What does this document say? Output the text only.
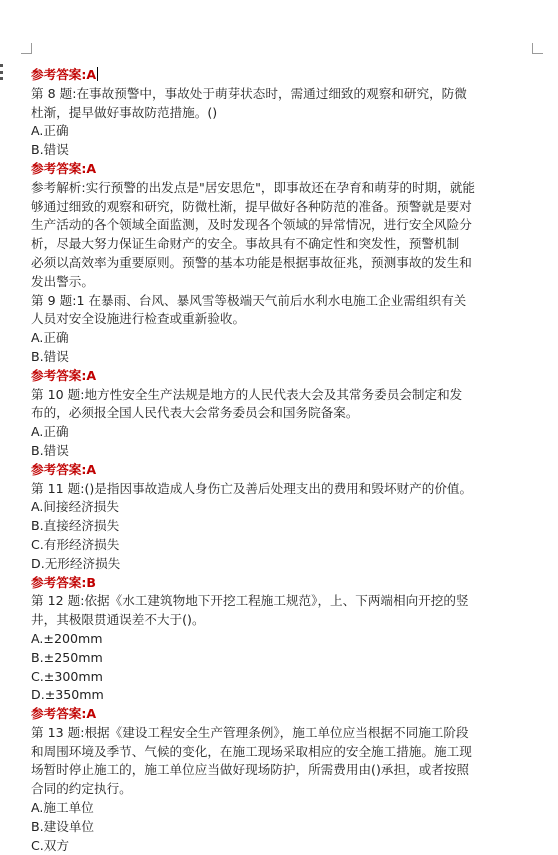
参考答案:A
第 8 题:在事故预警中，事故处于萌芽状态时，需通过细致的观察和研究，防微
杜渐，提早做好事故防范措施。()
A.正确
B.错误
参考答案:A
参考解析:实行预警的出发点是"居安思危"，即事故还在孕育和萌芽的时期，就能
够通过细致的观察和研究，防微杜渐，提早做好各种防范的准备。预警就是要对
生产活动的各个领域全面监测，及时发现各个领域的异常情况，进行安全风险分
析，尽最大努力保证生命财产的安全。事故具有不确定性和突发性，预警机制
必须以高效率为重要原则。预警的基本功能是根据事故征兆，预测事故的发生和
发出警示。
第 9 题:1 在暴雨、台风、暴风雪等极端天气前后水利水电施工企业需组织有关
人员对安全设施进行检查或重新验收。
A.正确
B.错误
参考答案:A
第 10 题:地方性安全生产法规是地方的人民代表大会及其常务委员会制定和发
布的，必须报全国人民代表大会常务委员会和国务院备案。
A.正确
B.错误
参考答案:A
第 11 题:()是指因事故造成人身伤亡及善后处理支出的费用和毁坏财产的价值。
A.间接经济损失
B.直接经济损失
C.有形经济损失
D.无形经济损失
参考答案:B
第 12 题:依据《水工建筑物地下开挖工程施工规范》，上、下两端相向开挖的竖
井，其极限贯通误差不大于()。
A.±200mm
B.±250mm
C.±300mm
D.±350mm
参考答案:A
第 13 题:根据《建设工程安全生产管理条例》，施工单位应当根据不同施工阶段
和周围环境及季节、气候的变化，在施工现场采取相应的安全施工措施。施工现
场暂时停止施工的，施工单位应当做好现场防护，所需费用由()承担，或者按照
合同的约定执行。
A.施工单位
B.建设单位
C.双方
